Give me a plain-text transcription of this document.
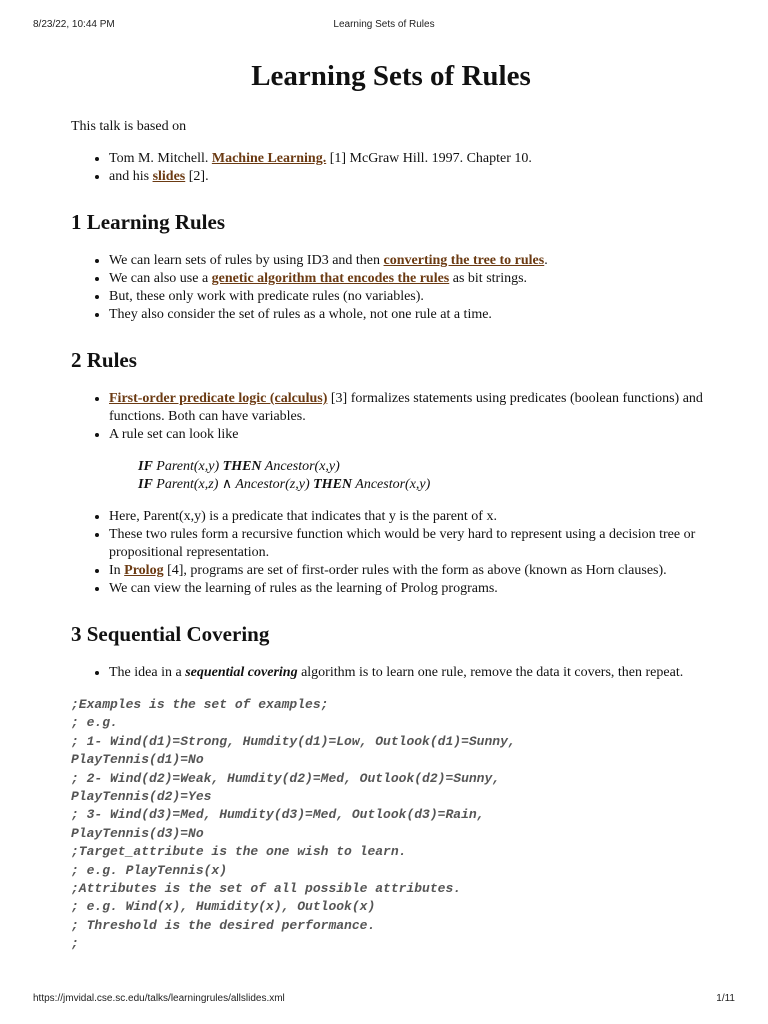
8/23/22, 10:44 PM	Learning Sets of Rules
Learning Sets of Rules

This talk is based on

• Tom M. Mitchell. Machine Learning. [1] McGraw Hill. 1997. Chapter 10.
• and his slides [2].
1 Learning Rules
• We can learn sets of rules by using ID3 and then converting the tree to rules.
• We can also use a genetic algorithm that encodes the rules as bit strings.
• But, these only work with predicate rules (no variables).
• They also consider the set of rules as a whole, not one rule at a time.
2 Rules
• First-order predicate logic (calculus) [3] formalizes statements using predicates (boolean functions) and functions. Both can have variables.
• A rule set can look like
IF Parent(x,y) THEN Ancestor(x,y)
IF Parent(x,z) ∧ Ancestor(z,y) THEN Ancestor(x,y)
• Here, Parent(x,y) is a predicate that indicates that y is the parent of x.
• These two rules form a recursive function which would be very hard to represent using a decision tree or propositional representation.
• In Prolog [4], programs are set of first-order rules with the form as above (known as Horn clauses).
• We can view the learning of rules as the learning of Prolog programs.
3 Sequential Covering
• The idea in a sequential covering algorithm is to learn one rule, remove the data it covers, then repeat.
;Examples is the set of examples;
; e.g.
; 1- Wind(d1)=Strong, Humdity(d1)=Low, Outlook(d1)=Sunny,
PlayTennis(d1)=No
; 2- Wind(d2)=Weak, Humdity(d2)=Med, Outlook(d2)=Sunny,
PlayTennis(d2)=Yes
; 3- Wind(d3)=Med, Humdity(d3)=Med, Outlook(d3)=Rain,
PlayTennis(d3)=No
;Target_attribute is the one wish to learn.
; e.g. PlayTennis(x)
;Attributes is the set of all possible attributes.
; e.g. Wind(x), Humidity(x), Outlook(x)
; Threshold is the desired performance.
;
https://jmvidal.cse.sc.edu/talks/learningrules/allslides.xml	1/11
